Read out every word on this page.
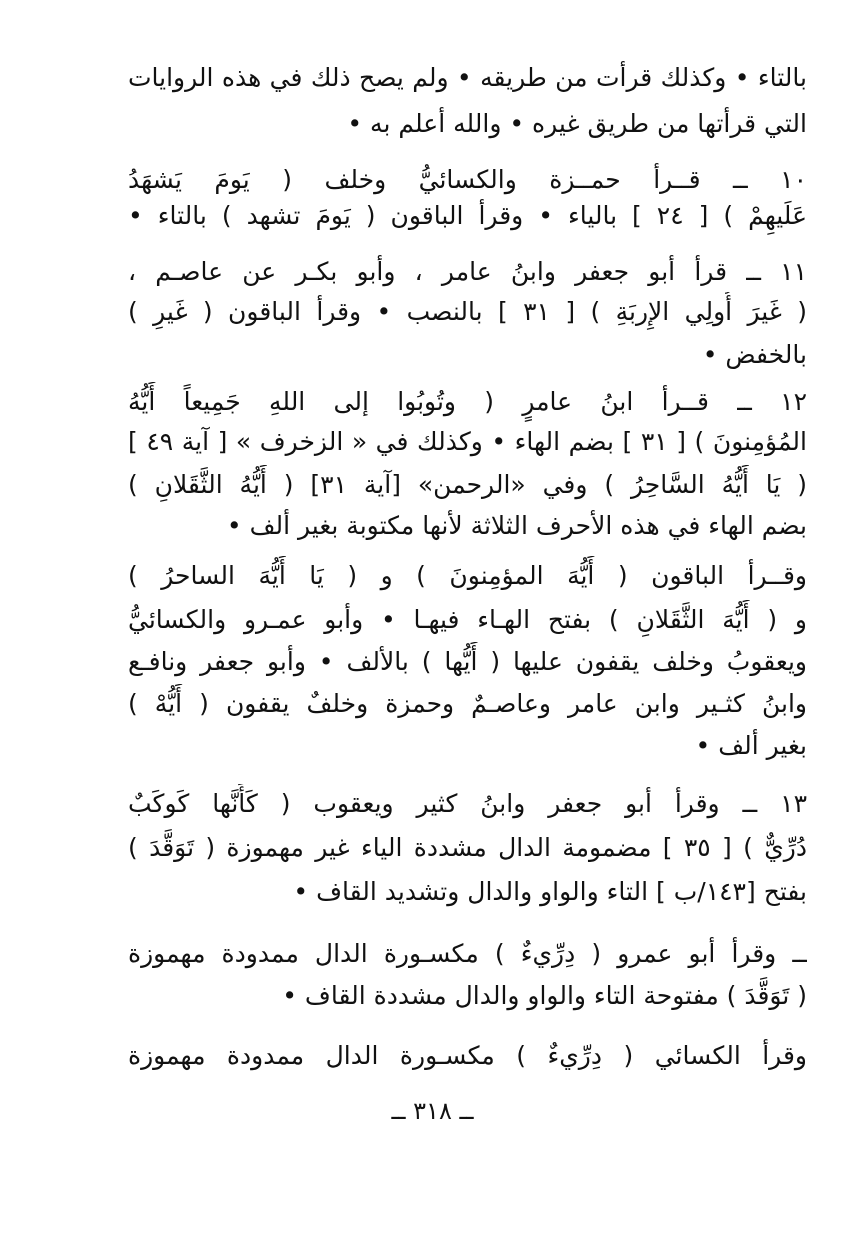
بالتاء • وكذلك قرأت من طريقه • ولم يصح ذلك في هذه الروايات
التي قرأتها من طريق غيره • والله أعلم به •
١٠ ــ قــرأ حمــزة والكسائيُّ وخلف ( يَومَ يَشهَدُ
عَلَيهِمْ ) [ ٢٤ ] بالياء • وقرأ الباقون ( يَومَ تشهد ) بالتاء •
١١ ــ قرأ أبو جعفر وابنُ عامر ، وأبو بكـر عن عاصـم ،
( غَيرَ أُولِي الإِربَةِ ) [ ٣١ ] بالنصب • وقرأ الباقون ( غَيرِ )
بالخفض •
١٢ ــ قــرأ ابنُ عامرٍ ( وتُوبُوا إلى اللهِ جَمِيعاً أَيُّهُ
المُؤمِنونَ ) [ ٣١ ] بضم الهاء • وكذلك في « الزخرف » [ آية ٤٩ ]
( يَا أَيُّهُ السَّاحِرُ ) وفي «الرحمن» [آية ٣١] ( أَيُّهُ الثَّقَلانِ )
بضم الهاء في هذه الأحرف الثلاثة لأنها مكتوبة بغير ألف •
وقــرأ الباقون ( أَيُّهَ المؤمِنونَ ) و ( يَا أَيُّهَ الساحرُ )
و ( أَيُّهَ الثَّقَلانِ ) بفتح الهـاء فيهـا • وأبو عمـرو والكسائيُّ
ويعقوبُ وخلف يقفون عليها ( أَيُّها ) بالألف • وأبو جعفر ونافـع
وابنُ كثـير وابن عامر وعاصـمٌ وحمزة وخلفٌ يقفون ( أَيُّهْ )
بغير ألف •
١٣ ــ وقرأ أبو جعفر وابنُ كثير ويعقوب ( كَأَنَّها كَوكَبٌ
دُرِّيٌّ ) [ ٣٥ ] مضمومة الدال مشددة الياء غير مهموزة ( تَوَقَّدَ )
بفتح [١٤٣/ب ] التاء والواو والدال وتشديد القاف •
ــ وقرأ أبو عمرو ( دِرِّيءٌ ) مكسـورة الدال ممدودة مهموزة
( تَوَقَّدَ ) مفتوحة التاء والواو والدال مشددة القاف •
وقرأ الكسائي ( دِرِّيءٌ ) مكسـورة الدال ممدودة مهموزة
ــ ٣١٨ ــ
